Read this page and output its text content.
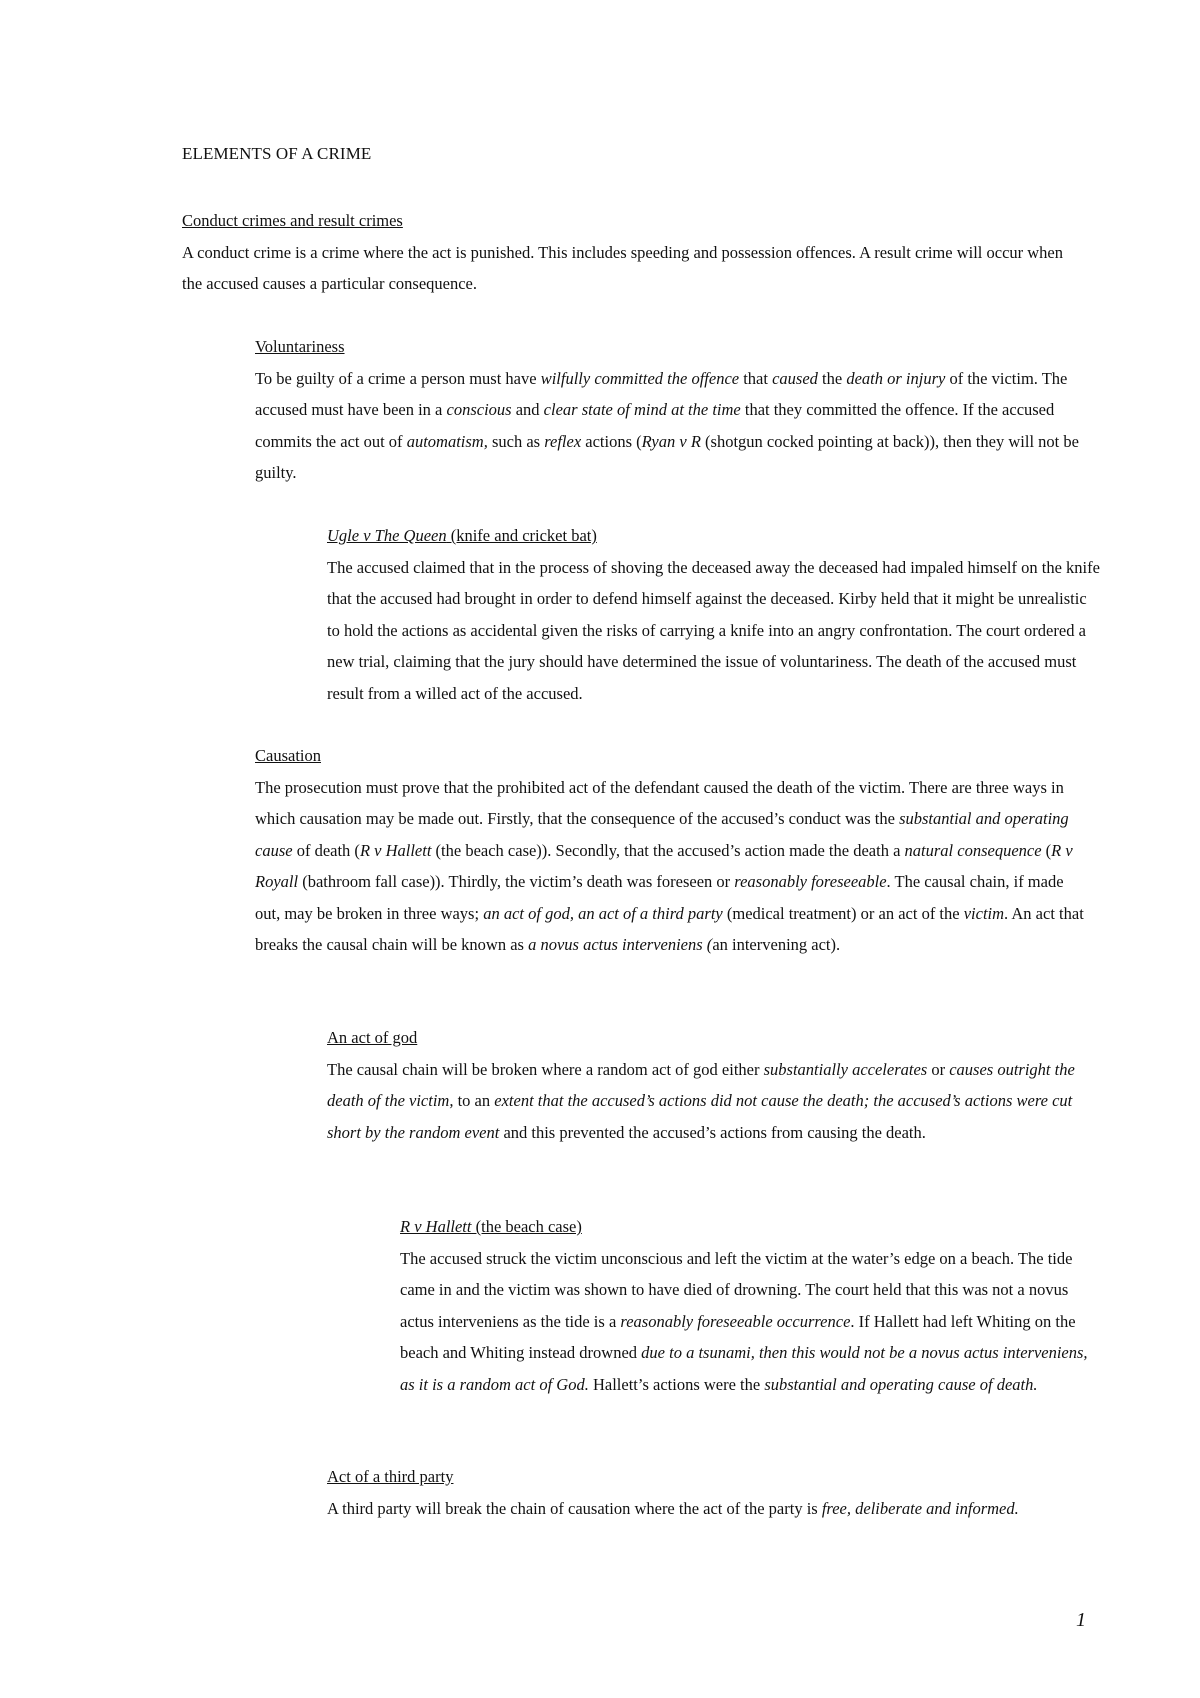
ELEMENTS OF A CRIME

Conduct crimes and result crimes

A conduct crime is a crime where the act is punished. This includes speeding and possession offences. A result crime will occur when the accused causes a particular consequence.

Voluntariness

To be guilty of a crime a person must have wilfully committed the offence that caused the death or injury of the victim. The accused must have been in a conscious and clear state of mind at the time that they committed the offence. If the accused commits the act out of automatism, such as reflex actions (Ryan v R (shotgun cocked pointing at back)), then they will not be guilty.

Ugle v The Queen (knife and cricket bat)

The accused claimed that in the process of shoving the deceased away the deceased had impaled himself on the knife that the accused had brought in order to defend himself against the deceased. Kirby held that it might be unrealistic to hold the actions as accidental given the risks of carrying a knife into an angry confrontation. The court ordered a new trial, claiming that the jury should have determined the issue of voluntariness. The death of the accused must result from a willed act of the accused.

Causation

The prosecution must prove that the prohibited act of the defendant caused the death of the victim. There are three ways in which causation may be made out. Firstly, that the consequence of the accused’s conduct was the substantial and operating cause of death (R v Hallett (the beach case)). Secondly, that the accused’s action made the death a natural consequence (R v Royall (bathroom fall case)). Thirdly, the victim’s death was foreseen or reasonably foreseeable. The causal chain, if made out, may be broken in three ways; an act of god, an act of a third party (medical treatment) or an act of the victim. An act that breaks the causal chain will be known as a novus actus interveniens (an intervening act).

An act of god

The causal chain will be broken where a random act of god either substantially accelerates or causes outright the death of the victim, to an extent that the accused’s actions did not cause the death; the accused’s actions were cut short by the random event and this prevented the accused’s actions from causing the death.

R v Hallett (the beach case)

The accused struck the victim unconscious and left the victim at the water’s edge on a beach. The tide came in and the victim was shown to have died of drowning. The court held that this was not a novus actus interveniens as the tide is a reasonably foreseeable occurrence. If Hallett had left Whiting on the beach and Whiting instead drowned due to a tsunami, then this would not be a novus actus interveniens, as it is a random act of God. Hallett’s actions were the substantial and operating cause of death.

Act of a third party

A third party will break the chain of causation where the act of the party is free, deliberate and informed.

1
